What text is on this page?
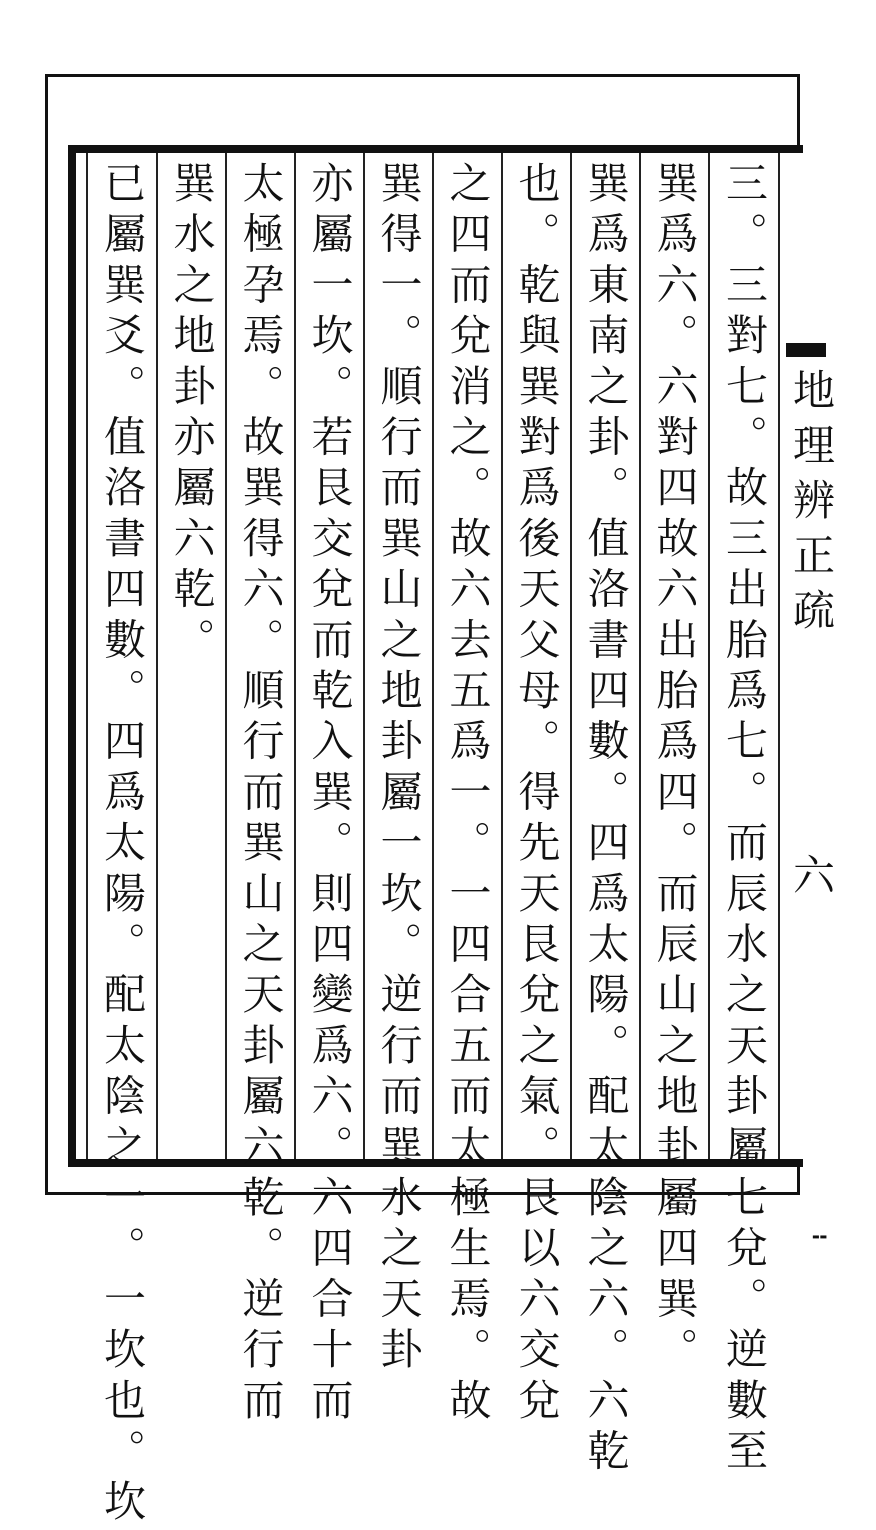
三。三對七。故三出胎爲七。而辰水之天卦屬七兌。逆數至
巽爲六。六對四故六出胎爲四。而辰山之地卦屬四巽。
巽爲東南之卦。值洛書四數。四爲太陽。配太陰之六。六乾
也。乾與巽對爲後天父母。得先天艮兌之氣。艮以六交兌
之四而兌消之。故六去五爲一。一四合五而太極生焉。故
巽得一。順行而巽山之地卦屬一坎。逆行而巽水之天卦
亦屬一坎。若艮交兌而乾入巽。則四變爲六。六四合十而
太極孕焉。故巽得六。順行而巽山之天卦屬六乾。逆行而
巽水之地卦亦屬六乾。
已屬巽爻。值洛書四數。四爲太陽。配太陰之一。一坎也。坎	地
理
辨
正
疏
六
▬▬
